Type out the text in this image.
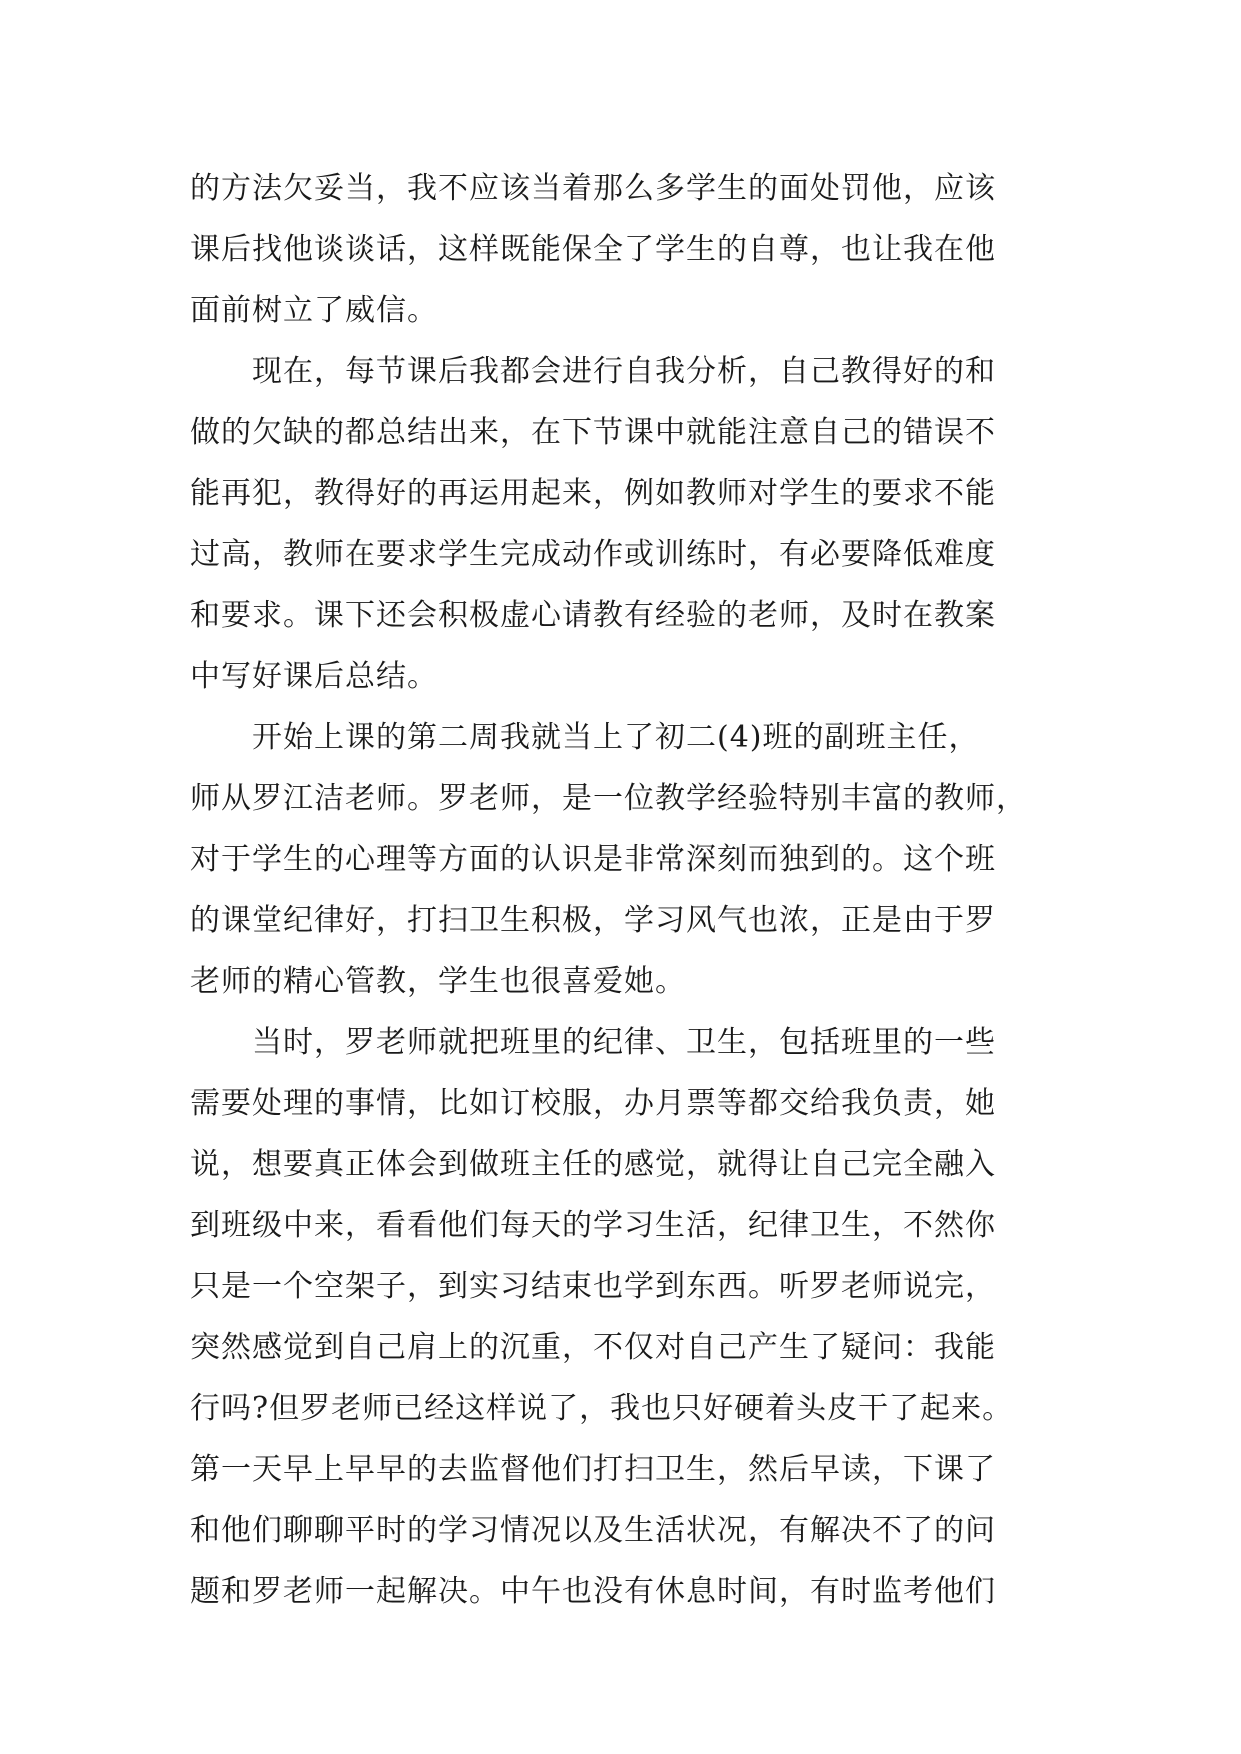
的方法欠妥当，我不应该当着那么多学生的面处罚他，应该
课后找他谈谈话，这样既能保全了学生的自尊，也让我在他
面前树立了威信。
　　现在，每节课后我都会进行自我分析，自己教得好的和
做的欠缺的都总结出来，在下节课中就能注意自己的错误不
能再犯，教得好的再运用起来，例如教师对学生的要求不能
过高，教师在要求学生完成动作或训练时，有必要降低难度
和要求。课下还会积极虚心请教有经验的老师，及时在教案
中写好课后总结。
　　开始上课的第二周我就当上了初二(4)班的副班主任，
师从罗江洁老师。罗老师，是一位教学经验特别丰富的教师，
对于学生的心理等方面的认识是非常深刻而独到的。这个班
的课堂纪律好，打扫卫生积极，学习风气也浓，正是由于罗
老师的精心管教，学生也很喜爱她。
　　当时，罗老师就把班里的纪律、卫生，包括班里的一些
需要处理的事情，比如订校服，办月票等都交给我负责，她
说，想要真正体会到做班主任的感觉，就得让自己完全融入
到班级中来，看看他们每天的学习生活，纪律卫生，不然你
只是一个空架子，到实习结束也学到东西。听罗老师说完，
突然感觉到自己肩上的沉重，不仅对自己产生了疑问：我能
行吗?但罗老师已经这样说了，我也只好硬着头皮干了起来。
第一天早上早早的去监督他们打扫卫生，然后早读，下课了
和他们聊聊平时的学习情况以及生活状况，有解决不了的问
题和罗老师一起解决。中午也没有休息时间，有时监考他们
